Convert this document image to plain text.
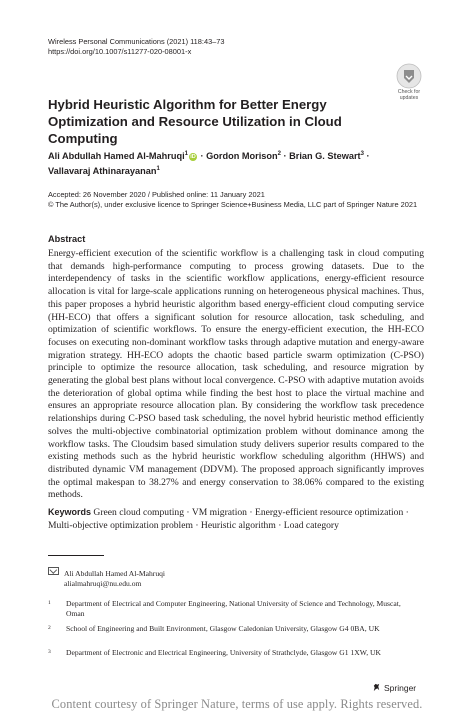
Wireless Personal Communications (2021) 118:43–73
https://doi.org/10.1007/s11277-020-08001-x
Check for
updates
Hybrid Heuristic Algorithm for Better Energy Optimization and Resource Utilization in Cloud Computing
Ali Abdullah Hamed Al‑Mahruqi$^1$iD · Gordon Morison$^2$ · Brian G. Stewart$^3$ ·
Vallavaraj Athinarayanan$^1$
Accepted: 26 November 2020 / Published online: 11 January 2021
© The Author(s), under exclusive licence to Springer Science+Business Media, LLC part of Springer Nature 2021
Abstract
Energy-efficient execution of the scientific workflow is a challenging task in cloud computing that demands high-performance computing to process growing datasets. Due to the interdependency of tasks in the scientific workflow applications, energy-efficient resource allocation is vital for large-scale applications running on heterogeneous physical machines. Thus, this paper proposes a hybrid heuristic algorithm based energy-efficient cloud computing service (HH-ECO) that offers a significant solution for resource allocation, task scheduling, and optimization of scientific workflows. To ensure the energy-efficient execution, the HH-ECO focuses on executing non-dominant workflow tasks through adaptive mutation and energy-aware migration strategy. HH-ECO adopts the chaotic based particle swarm optimization (C-PSO) principle to optimize the resource allocation, task scheduling, and resource migration by generating the global best plans without local convergence. C-PSO with adaptive mutation avoids the deterioration of global optima while finding the best host to place the virtual machine and ensures an appropriate resource allocation plan. By considering the workflow task precedence relationships during C-PSO based task scheduling, the novel hybrid heuristic method efficiently solves the multi-objective combinatorial optimization problem without dominance among the workflow tasks. The Cloudsim based simulation study delivers superior results compared to the existing methods such as the hybrid heuristic workflow scheduling algorithm (HHWS) and distributed dynamic VM management (DDVM). The proposed approach significantly improves the optimal makespan to 38.27% and energy conservation to 38.06% compared to the existing methods.
Keywords Green cloud computing · VM migration · Energy-efficient resource optimization · Multi-objective optimization problem · Heuristic algorithm · Load category
Ali Abdullah Hamed Al-Mahruqi
alialmahruqi@nu.edu.om
1 Department of Electrical and Computer Engineering, National University of Science and Technology, Muscat, Oman
2 School of Engineering and Built Environment, Glasgow Caledonian University, Glasgow G4 0BA, UK
3 Department of Electronic and Electrical Engineering, University of Strathclyde, Glasgow G1 1XW, UK
Springer
Content courtesy of Springer Nature, terms of use apply. Rights reserved.
